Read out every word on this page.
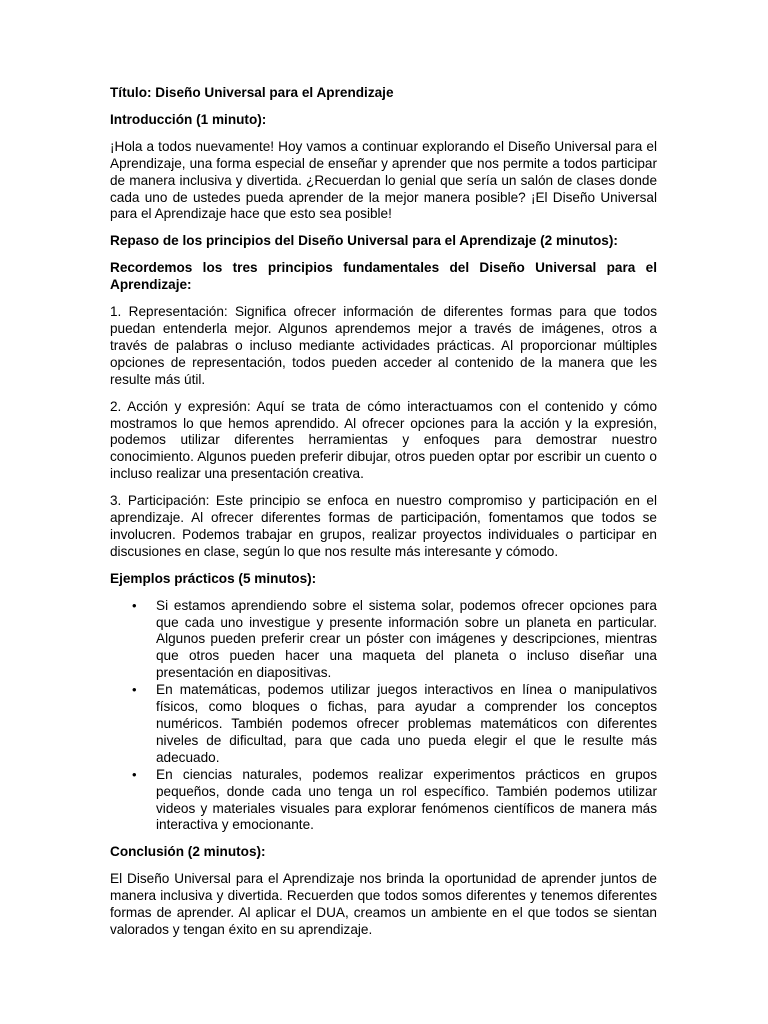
Título: Diseño Universal para el Aprendizaje

Introducción (1 minuto):

¡Hola a todos nuevamente! Hoy vamos a continuar explorando el Diseño Universal para el Aprendizaje, una forma especial de enseñar y aprender que nos permite a todos participar de manera inclusiva y divertida. ¿Recuerdan lo genial que sería un salón de clases donde cada uno de ustedes pueda aprender de la mejor manera posible? ¡El Diseño Universal para el Aprendizaje hace que esto sea posible!

Repaso de los principios del Diseño Universal para el Aprendizaje (2 minutos):

Recordemos los tres principios fundamentales del Diseño Universal para el Aprendizaje:

1. Representación: Significa ofrecer información de diferentes formas para que todos puedan entenderla mejor. Algunos aprendemos mejor a través de imágenes, otros a través de palabras o incluso mediante actividades prácticas. Al proporcionar múltiples opciones de representación, todos pueden acceder al contenido de la manera que les resulte más útil.

2. Acción y expresión: Aquí se trata de cómo interactuamos con el contenido y cómo mostramos lo que hemos aprendido. Al ofrecer opciones para la acción y la expresión, podemos utilizar diferentes herramientas y enfoques para demostrar nuestro conocimiento. Algunos pueden preferir dibujar, otros pueden optar por escribir un cuento o incluso realizar una presentación creativa.

3. Participación: Este principio se enfoca en nuestro compromiso y participación en el aprendizaje. Al ofrecer diferentes formas de participación, fomentamos que todos se involucren. Podemos trabajar en grupos, realizar proyectos individuales o participar en discusiones en clase, según lo que nos resulte más interesante y cómodo.

Ejemplos prácticos (5 minutos):

• Si estamos aprendiendo sobre el sistema solar, podemos ofrecer opciones para que cada uno investigue y presente información sobre un planeta en particular. Algunos pueden preferir crear un póster con imágenes y descripciones, mientras que otros pueden hacer una maqueta del planeta o incluso diseñar una presentación en diapositivas.
• En matemáticas, podemos utilizar juegos interactivos en línea o manipulativos físicos, como bloques o fichas, para ayudar a comprender los conceptos numéricos. También podemos ofrecer problemas matemáticos con diferentes niveles de dificultad, para que cada uno pueda elegir el que le resulte más adecuado.
• En ciencias naturales, podemos realizar experimentos prácticos en grupos pequeños, donde cada uno tenga un rol específico. También podemos utilizar videos y materiales visuales para explorar fenómenos científicos de manera más interactiva y emocionante.

Conclusión (2 minutos):

El Diseño Universal para el Aprendizaje nos brinda la oportunidad de aprender juntos de manera inclusiva y divertida. Recuerden que todos somos diferentes y tenemos diferentes formas de aprender. Al aplicar el DUA, creamos un ambiente en el que todos se sientan valorados y tengan éxito en su aprendizaje.
